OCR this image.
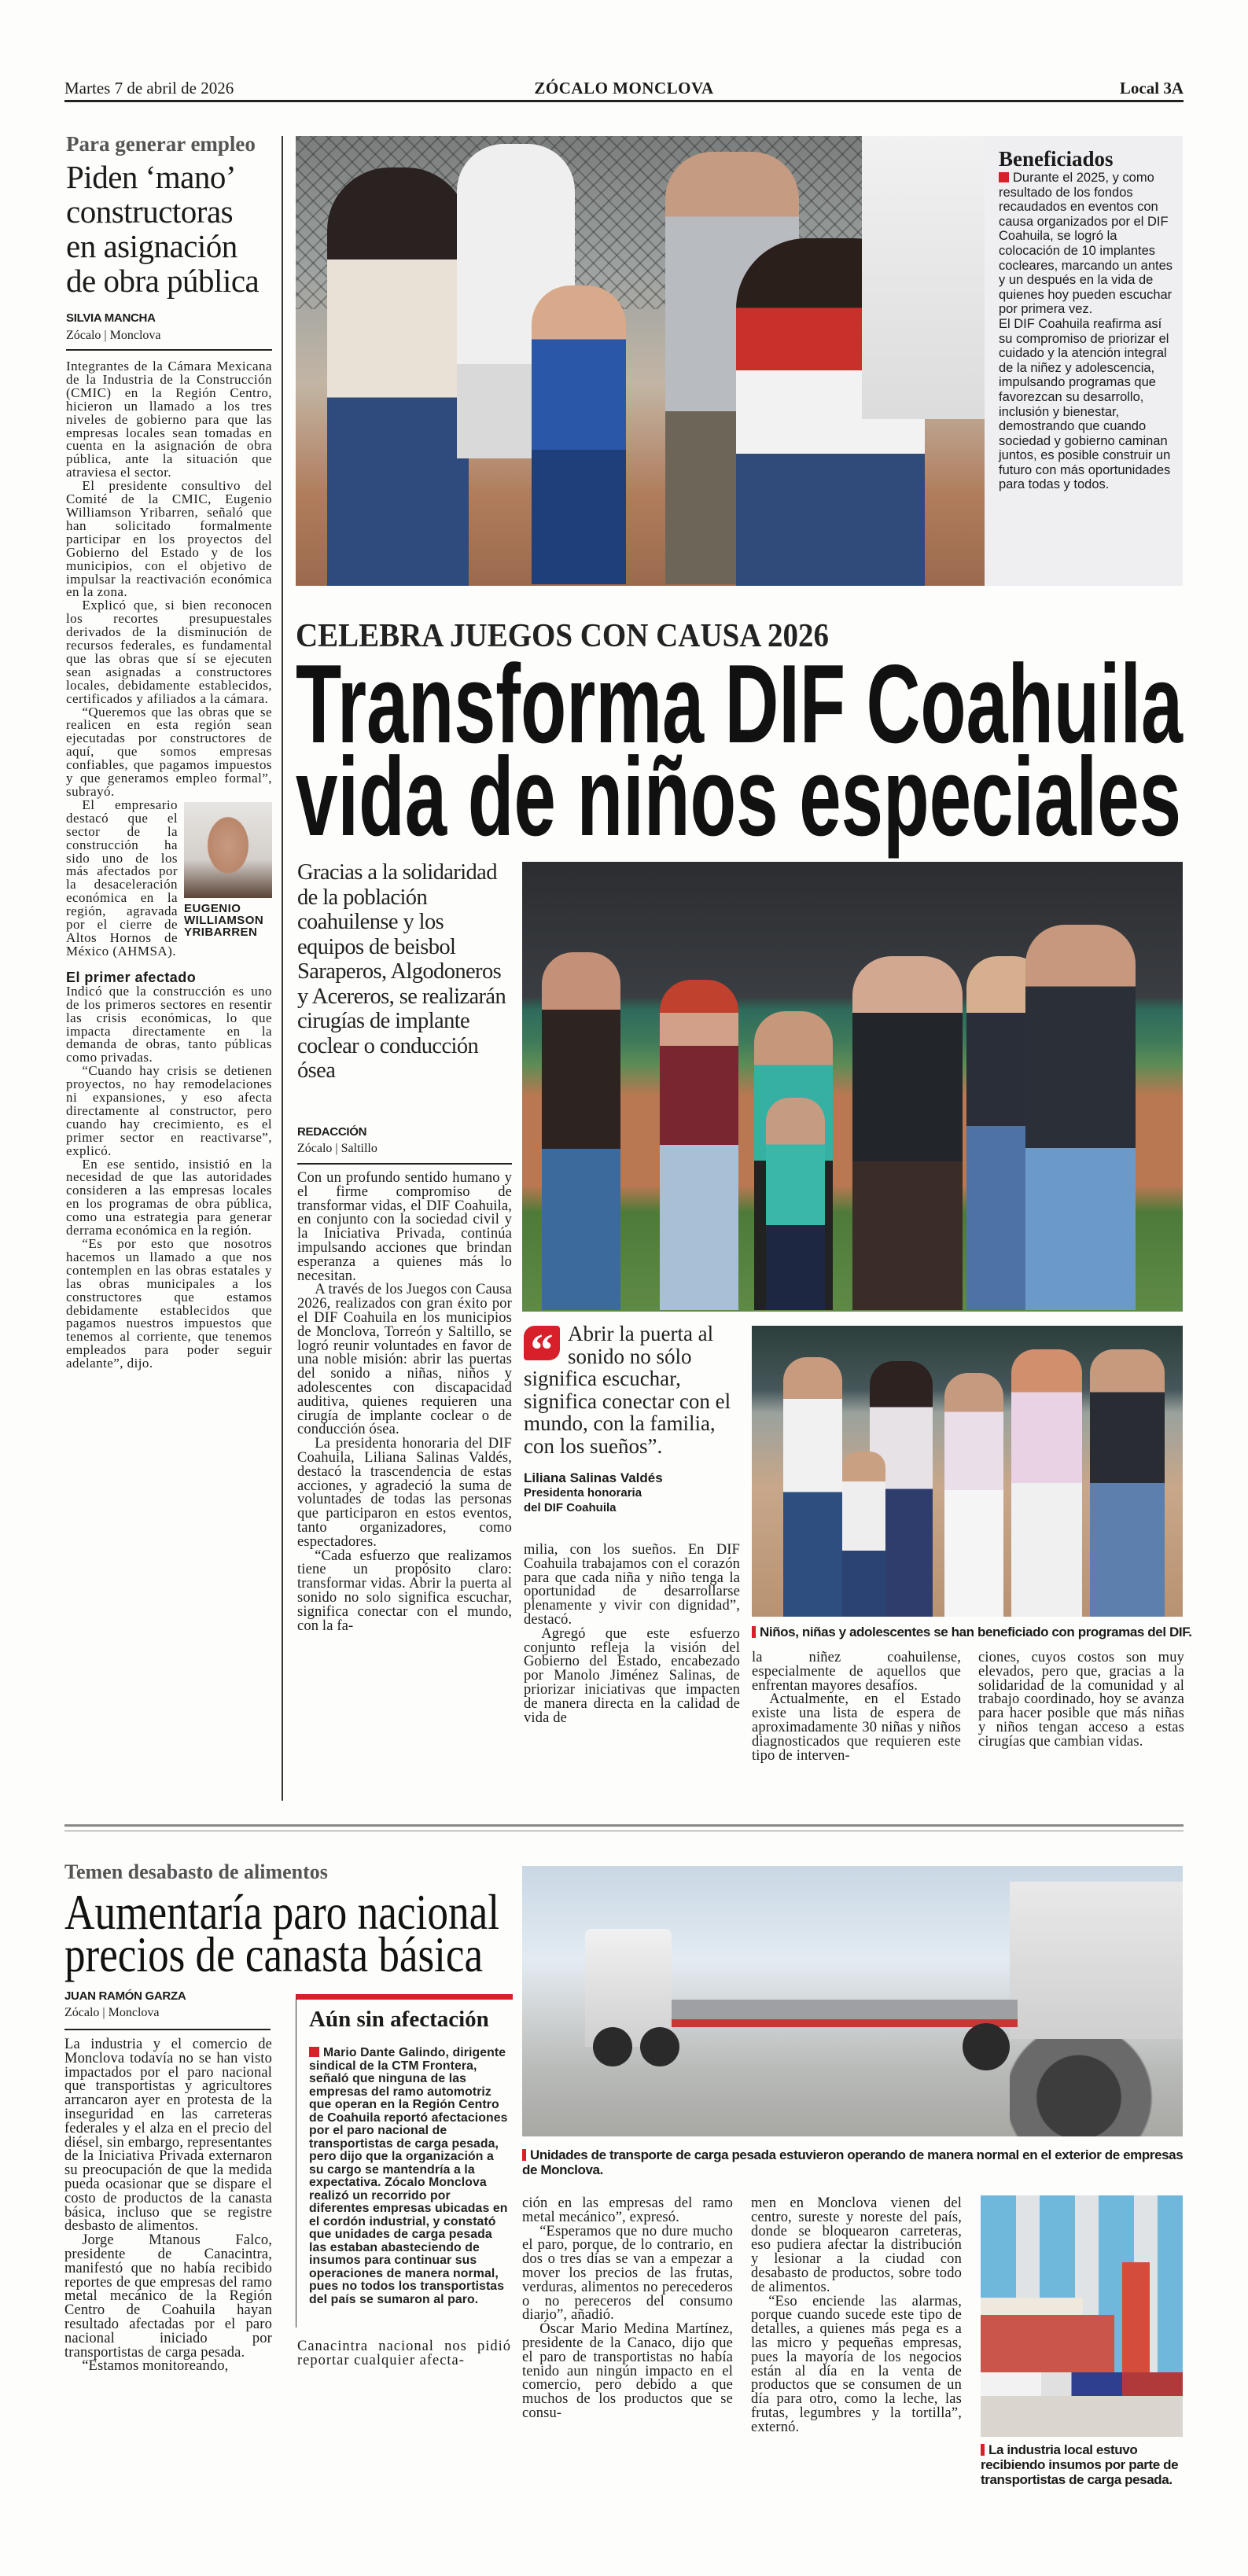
Martes 7 de abril de 2026	ZÓCALO MONCLOVA	Local 3A
Para generar empleo
Piden ‘mano’
constructoras
en asignación
de obra pública
SILVIA MANCHA
Zócalo | Monclova

Integrantes de la Cámara Mexicana de la Industria de la Construcción (CMIC) en la Región Centro, hicieron un llamado a los tres niveles de gobierno para que las empresas locales sean tomadas en cuenta en la asignación de obra pública, ante la situación que atraviesa el sector.

El presidente consultivo del Comité de la CMIC, Eugenio Williamson Yribarren, señaló que han solicitado formalmente participar en los proyectos del Gobierno del Estado y de los municipios, con el objetivo de impulsar la reactivación económica en la zona.

Explicó que, si bien reconocen los recortes presupuestales derivados de la disminución de recursos federales, es fundamental que las obras que sí se ejecuten sean asignadas a constructores locales, debidamente establecidos, certificados y afiliados a la cámara.

“Queremos que las obras que se realicen en esta región sean ejecutadas por constructores de aquí, que somos empresas confiables, que pagamos impuestos y que generamos empleo formal”, subrayó.

EUGENIO WILLIAMSON YRIBARREN

El empresario destacó que el sector de la construcción ha sido uno de los más afectados por la desaceleración económica en la región, agravada por el cierre de Altos Hornos de México (AHMSA).

El primer afectado

Indicó que la construcción es uno de los primeros sectores en resentir las crisis económicas, lo que impacta directamente en la demanda de obras, tanto públicas como privadas.

“Cuando hay crisis se detienen proyectos, no hay remodelaciones ni expansiones, y eso afecta directamente al constructor, pero cuando hay crecimiento, es el primer sector en reactivarse”, explicó.

En ese sentido, insistió en la necesidad de que las autoridades consideren a las empresas locales en los programas de obra pública, como una estrategia para generar derrama económica en la región.

“Es por esto que nosotros hacemos un llamado a que nos contemplen en las obras estatales y las obras municipales a los constructores que estamos debidamente establecidos que pagamos nuestros impuestos que tenemos al corriente, que tenemos empleados para poder seguir adelante”, dijo.

Beneficiados
Durante el 2025, y como resultado de los fondos recaudados en eventos con causa organizados por el DIF Coahuila, se logró la colocación de 10 implantes cocleares, marcando un antes y un después en la vida de quienes hoy pueden escuchar por primera vez.
El DIF Coahuila reafirma así su compromiso de priorizar el cuidado y la atención integral de la niñez y adolescencia, impulsando programas que favorezcan su desarrollo, inclusión y bienestar, demostrando que cuando sociedad y gobierno caminan juntos, es posible construir un futuro con más oportunidades para todas y todos.
CELEBRA JUEGOS CON CAUSA 2026
Transforma DIF Coahuila
vida de niños especiales
Gracias a la solidaridad de la población coahuilense y los equipos de beisbol Saraperos, Algodoneros y Acereros, se realizarán cirugías de implante coclear o conducción ósea
REDACCIÓN
Zócalo | Saltillo

Con un profundo sentido humano y el firme compromiso de transformar vidas, el DIF Coahuila, en conjunto con la sociedad civil y la Iniciativa Privada, continúa impulsando acciones que brindan esperanza a quienes más lo necesitan.

A través de los Juegos con Causa 2026, realizados con gran éxito por el DIF Coahuila en los municipios de Monclova, Torreón y Saltillo, se logró reunir voluntades en favor de una noble misión: abrir las puertas del sonido a niñas, niños y adolescentes con discapacidad auditiva, quienes requieren una cirugía de implante coclear o de conducción ósea.

La presidenta honoraria del DIF Coahuila, Liliana Salinas Valdés, destacó la trascendencia de estas acciones, y agradeció la suma de voluntades de todas las personas que participaron en estos eventos, tanto organizadores, como espectadores.

“Cada esfuerzo que realizamos tiene un propósito claro: transformar vidas. Abrir la puerta al sonido no solo significa escuchar, significa conectar con el mundo, con la fa-

“ Abrir la puerta al sonido no sólo significa escuchar, significa conectar con el mundo, con la familia, con los sueños”.
Liliana Salinas Valdés
Presidenta honoraria del DIF Coahuila

milia, con los sueños. En DIF Coahuila trabajamos con el corazón para que cada niña y niño tenga la oportunidad de desarrollarse plenamente y vivir con dignidad”, destacó.

Agregó que este esfuerzo conjunto refleja la visión del Gobierno del Estado, encabezado por Manolo Jiménez Salinas, de priorizar iniciativas que impacten de manera directa en la calidad de vida de

Niños, niñas y adolescentes se han beneficiado con programas del DIF.

la niñez coahuilense, especialmente de aquellos que enfrentan mayores desafíos.

Actualmente, en el Estado existe una lista de espera de aproximadamente 30 niñas y niños diagnosticados que requieren este tipo de interven-

ciones, cuyos costos son muy elevados, pero que, gracias a la solidaridad de la comunidad y al trabajo coordinado, hoy se avanza para hacer posible que más niñas y niños tengan acceso a estas cirugías que cambian vidas.

Temen desabasto de alimentos
Aumentaría paro nacional
precios de canasta básica
JUAN RAMÓN GARZA
Zócalo | Monclova

La industria y el comercio de Monclova todavía no se han visto impactados por el paro nacional que transportistas y agricultores arrancaron ayer en protesta de la inseguridad en las carreteras federales y el alza en el precio del diésel, sin embargo, representantes de la Iniciativa Privada externaron su preocupación de que la medida pueda ocasionar que se dispare el costo de productos de la canasta básica, incluso que se registre desbasto de alimentos.

Jorge Mtanous Falco, presidente de Canacintra, manifestó que no había recibido reportes de que empresas del ramo metal mecánico de la Región Centro de Coahuila hayan resultado afectadas por el paro nacional iniciado por transportistas de carga pesada.

“Estamos monitoreando,

Aún sin afectación
Mario Dante Galindo, dirigente sindical de la CTM Frontera, señaló que ninguna de las empresas del ramo automotriz que operan en la Región Centro de Coahuila reportó afectaciones por el paro nacional de transportistas de carga pesada, pero dijo que la organización a su cargo se mantendría a la expectativa. Zócalo Monclova realizó un recorrido por diferentes empresas ubicadas en el cordón industrial, y constató que unidades de carga pesada las estaban abasteciendo de insumos para continuar sus operaciones de manera normal, pues no todos los transportistas del país se sumaron al paro.

Canacintra nacional nos pidió reportar cualquier afecta-

Unidades de transporte de carga pesada estuvieron operando de manera normal en el exterior de empresas de Monclova.

ción en las empresas del ramo metal mecánico”, expresó.

“Esperamos que no dure mucho el paro, porque, de lo contrario, en dos o tres días se van a empezar a mover los precios de las frutas, verduras, alimentos no perecederos o no pereceros del consumo diario”, añadió.

Óscar Mario Medina Martínez, presidente de la Canaco, dijo que el paro de transportistas no había tenido aun ningún impacto en el comercio, pero debido a que muchos de los productos que se consu-

men en Monclova vienen del centro, sureste y noreste del país, donde se bloquearon carreteras, eso pudiera afectar la distribución y lesionar a la ciudad con desabasto de productos, sobre todo de alimentos.

“Eso enciende las alarmas, porque cuando sucede este tipo de detalles, a quienes más pega es a las micro y pequeñas empresas, pues la mayoría de los negocios están al día en la venta de productos que se consumen de un día para otro, como la leche, las frutas, legumbres y la tortilla”, externó.

La industria local estuvo recibiendo insumos por parte de transportistas de carga pesada.
